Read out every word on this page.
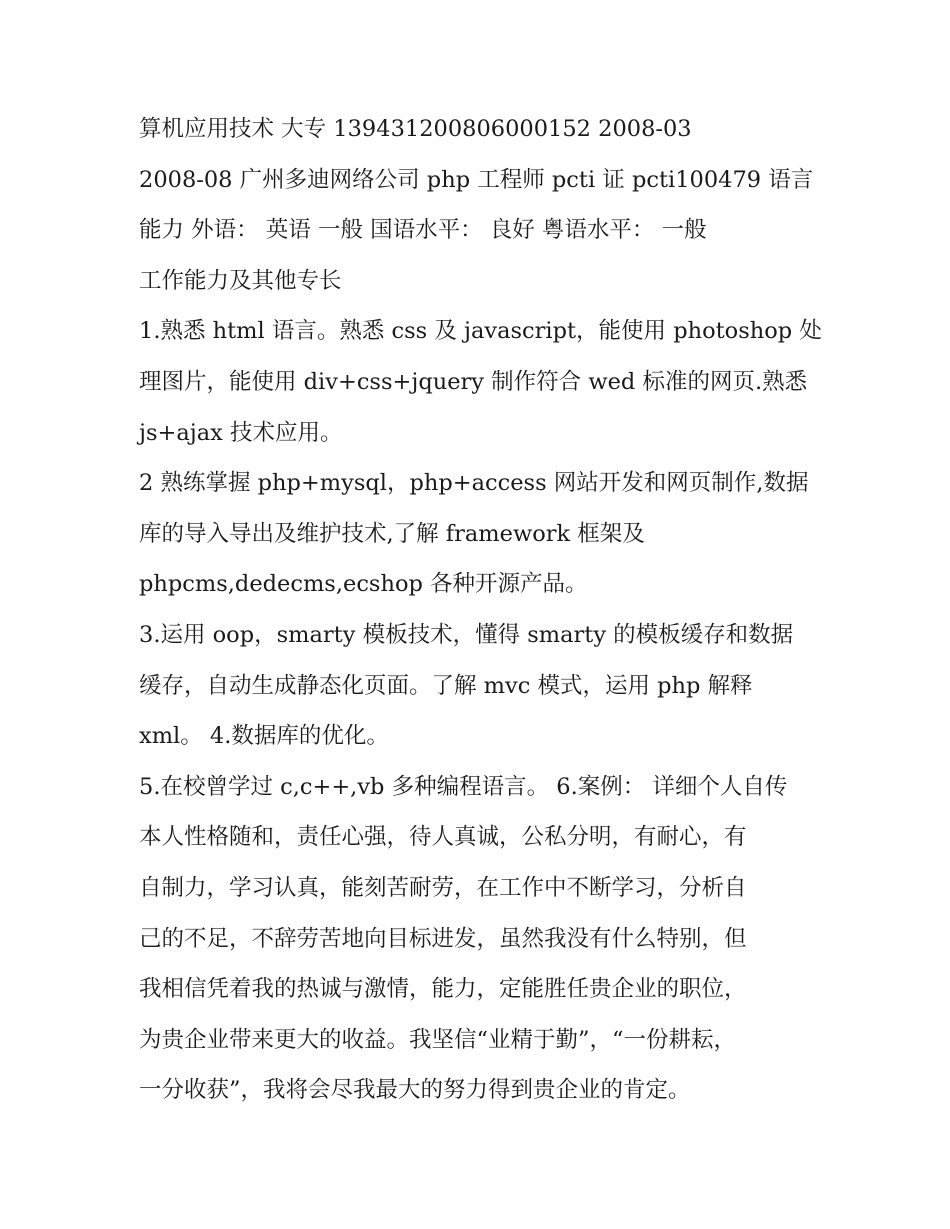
算机应用技术 大专 139431200806000152 2008-03
2008-08 广州多迪网络公司 php 工程师 pcti 证 pcti100479 语言
能力 外语： 英语 一般 国语水平： 良好 粤语水平： 一般
工作能力及其他专长
1.熟悉 html 语言。熟悉 css 及 javascript，能使用 photoshop 处
理图片，能使用 div+css+jquery 制作符合 wed 标准的网页.熟悉
js+ajax 技术应用。
2 熟练掌握 php+mysql，php+access 网站开发和网页制作,数据
库的导入导出及维护技术,了解 framework 框架及
phpcms,dedecms,ecshop 各种开源产品。
3.运用 oop，smarty 模板技术，懂得 smarty 的模板缓存和数据
缓存，自动生成静态化页面。了解 mvc 模式，运用 php 解释
xml。 4.数据库的优化。
5.在校曾学过 c,c++,vb 多种编程语言。 6.案例： 详细个人自传
本人性格随和，责任心强，待人真诚，公私分明，有耐心，有
自制力，学习认真，能刻苦耐劳，在工作中不断学习，分析自
己的不足，不辞劳苦地向目标进发，虽然我没有什么特别，但
我相信凭着我的热诚与激情，能力，定能胜任贵企业的职位，
为贵企业带来更大的收益。我坚信“业精于勤”，“一份耕耘，
一分收获”，我将会尽我最大的努力得到贵企业的肯定。
